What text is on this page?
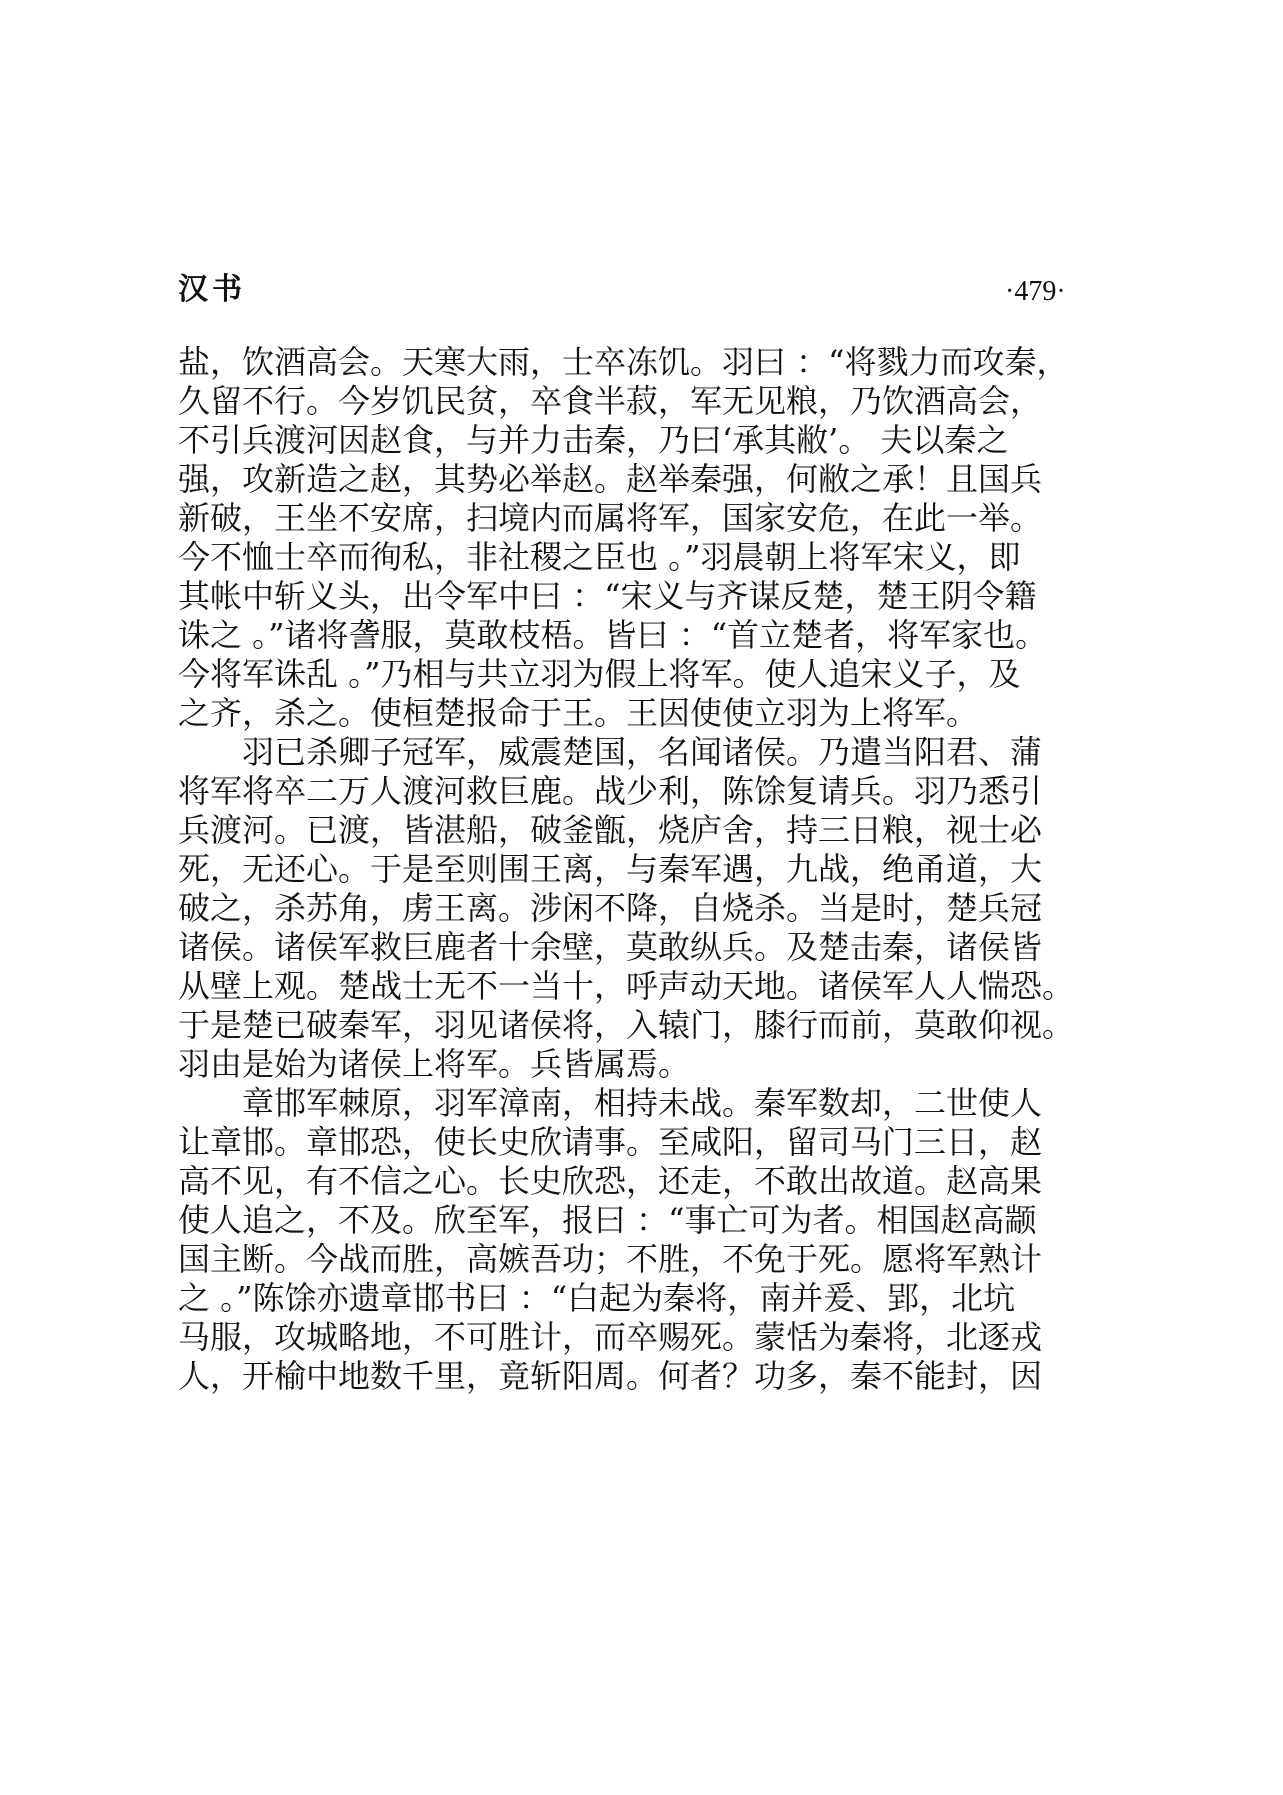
汉书	·479·
盐，饮酒高会。天寒大雨，士卒冻饥。羽曰 ：“将戮力而攻秦，
久留不行。今岁饥民贫，卒食半菽，军无见粮，乃饮酒高会，
不引兵渡河因赵食，与并力击秦，乃曰‘承其敝’。 夫以秦之
强，攻新造之赵，其势必举赵。赵举秦强，何敝之承！且国兵
新破，王坐不安席，扫境内而属将军，国家安危，在此一举。
今不恤士卒而徇私，非社稷之臣也 。”羽晨朝上将军宋义，即
其帐中斩义头，出令军中曰 ：“宋义与齐谋反楚，楚王阴令籍
诛之 。”诸将詟服，莫敢枝梧。皆曰 ：“首立楚者，将军家也。
今将军诛乱 。”乃相与共立羽为假上将军。使人追宋义子，及
之齐，杀之。使桓楚报命于王。王因使使立羽为上将军。
羽已杀卿子冠军，威震楚国，名闻诸侯。乃遣当阳君、蒲
将军将卒二万人渡河救巨鹿。战少利，陈馀复请兵。羽乃悉引
兵渡河。已渡，皆湛船，破釜甑，烧庐舍，持三日粮，视士必
死，无还心。于是至则围王离，与秦军遇，九战，绝甬道，大
破之，杀苏角，虏王离。涉闲不降，自烧杀。当是时，楚兵冠
诸侯。诸侯军救巨鹿者十余壁，莫敢纵兵。及楚击秦，诸侯皆
从壁上观。楚战士无不一当十，呼声动天地。诸侯军人人惴恐。
于是楚已破秦军，羽见诸侯将，入辕门，膝行而前，莫敢仰视。
羽由是始为诸侯上将军。兵皆属焉。
章邯军棘原，羽军漳南，相持未战。秦军数却，二世使人
让章邯。章邯恐，使长史欣请事。至咸阳，留司马门三日，赵
高不见，有不信之心。长史欣恐，还走，不敢出故道。赵高果
使人追之，不及。欣至军，报曰 ：“事亡可为者。相国赵高颛
国主断。今战而胜，高嫉吾功；不胜，不免于死。愿将军熟计
之 。”陈馀亦遗章邯书曰 ：“白起为秦将，南并爰、郢，北坑
马服，攻城略地，不可胜计，而卒赐死。蒙恬为秦将，北逐戎
人，开榆中地数千里，竟斩阳周。何者？功多，秦不能封，因
